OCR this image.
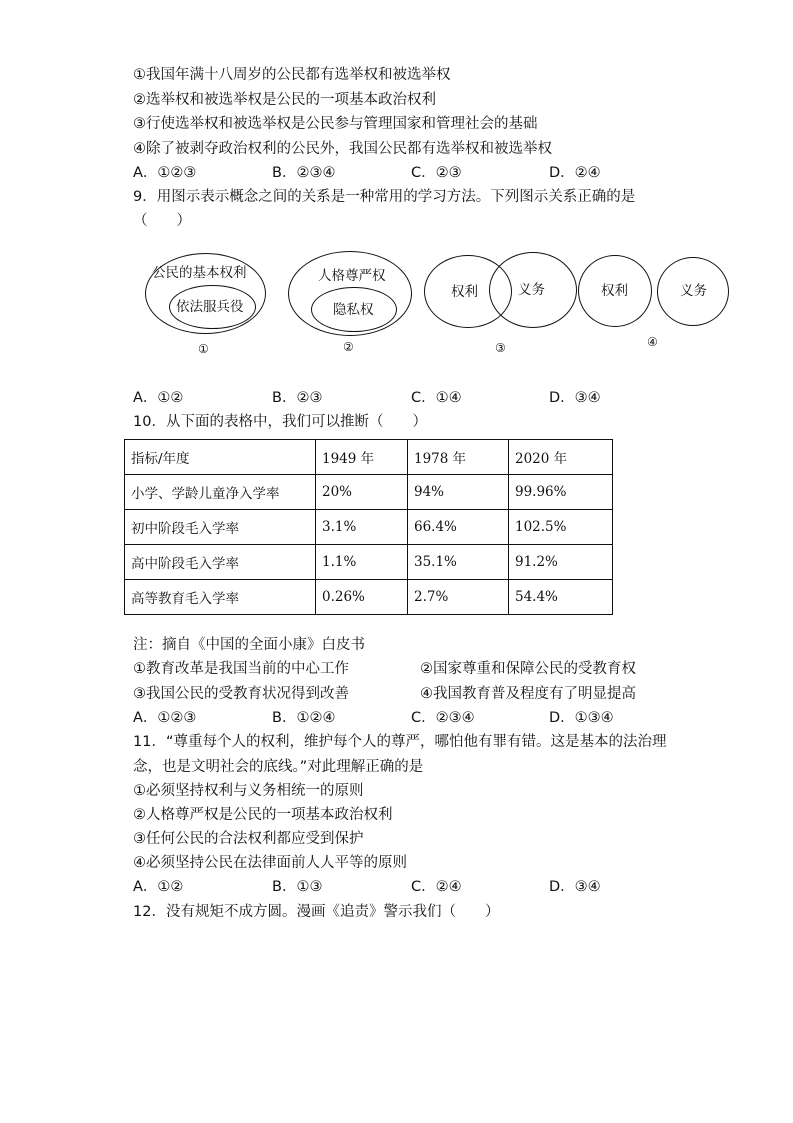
①我国年满十八周岁的公民都有选举权和被选举权
②选举权和被选举权是公民的一项基本政治权利
③行使选举权和被选举权是公民参与管理国家和管理社会的基础
④除了被剥夺政治权利的公民外，我国公民都有选举权和被选举权
A．①②③	B．②③④	C．②③	D．②④
9．用图示表示概念之间的关系是一种常用的学习方法。下列图示关系正确的是
（　　）
公民的基本权利
依法服兵役
①
人格尊严权
隐私权
②
权利	义务
③
权利	义务
④
A．①②	B．②③	C．①④	D．③④
10．从下面的表格中，我们可以推断（　　）
指标/年度	1949 年	1978 年	2020 年
小学、学龄儿童净入学率	20%	94%	99.96%
初中阶段毛入学率	3.1%	66.4%	102.5%
高中阶段毛入学率	1.1%	35.1%	91.2%
高等教育毛入学率	0.26%	2.7%	54.4%
注：摘自《中国的全面小康》白皮书
①教育改革是我国当前的中心工作	②国家尊重和保障公民的受教育权
③我国公民的受教育状况得到改善	④我国教育普及程度有了明显提高
A．①②③	B．①②④	C．②③④	D．①③④
11．“尊重每个人的权利，维护每个人的尊严，哪怕他有罪有错。这是基本的法治理
念，也是文明社会的底线。”对此理解正确的是
①必须坚持权利与义务相统一的原则
②人格尊严权是公民的一项基本政治权利
③任何公民的合法权利都应受到保护
④必须坚持公民在法律面前人人平等的原则
A．①②	B．①③	C．②④	D．③④
12．没有规矩不成方圆。漫画《追责》警示我们（　　）
